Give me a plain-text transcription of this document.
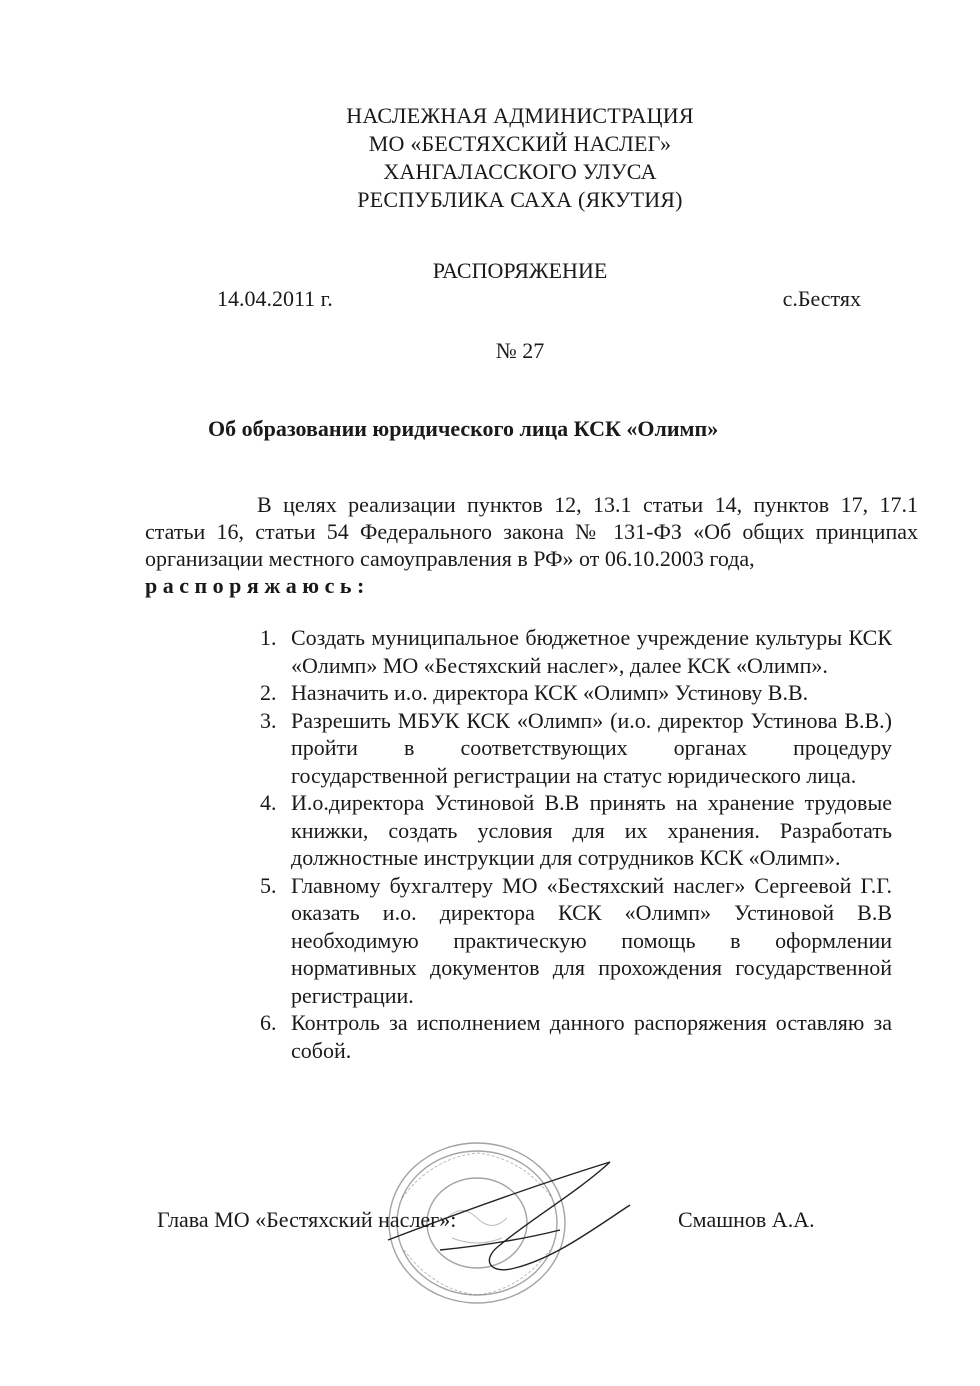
НАСЛЕЖНАЯ АДМИНИСТРАЦИЯ
МО «БЕСТЯХСКИЙ НАСЛЕГ»
ХАНГАЛАССКОГО УЛУСА
РЕСПУБЛИКА САХА (ЯКУТИЯ)
РАСПОРЯЖЕНИЕ
14.04.2011 г.	с.Бестях
№ 27
Об образовании юридического лица КСК «Олимп»

В целях реализации пунктов 12, 13.1 статьи 14, пунктов 17, 17.1 статьи 16, статьи 54 Федерального закона № 131-ФЗ «Об общих принципах организации местного самоуправления в РФ» от 06.10.2003 года,

распоряжаюсь:

1. Создать муниципальное бюджетное учреждение культуры КСК «Олимп» МО «Бестяхский наслег», далее КСК «Олимп».
2. Назначить и.о. директора КСК «Олимп» Устинову В.В.
3. Разрешить МБУК КСК «Олимп» (и.о. директор Устинова В.В.) пройти в соответствующих органах процедуру государственной регистрации на статус юридического лица.
4. И.о.директора Устиновой В.В принять на хранение трудовые книжки, создать условия для их хранения. Разработать должностные инструкции для сотрудников КСК «Олимп».
5. Главному бухгалтеру МО «Бестяхский наслег» Сергеевой Г.Г. оказать и.о. директора КСК «Олимп» Устиновой В.В необходимую практическую помощь в оформлении нормативных документов для прохождения государственной регистрации.
6. Контроль за исполнением данного распоряжения оставляю за собой.
Глава МО «Бестяхский наслег»:	Смашнов А.А.
